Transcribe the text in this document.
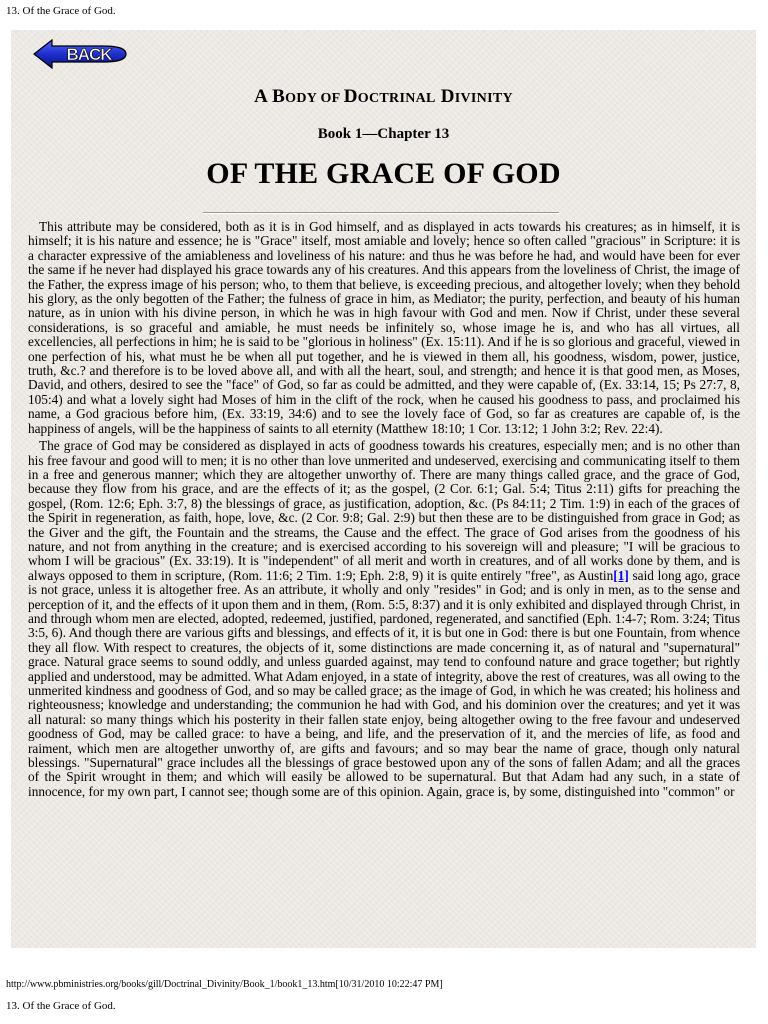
13. Of the Grace of God.
BACK
A BODY OF DOCTRINAL DIVINITY
Book 1—Chapter 13
OF THE GRACE OF GOD

This attribute may be considered, both as it is in God himself, and as displayed in acts towards his creatures; as in himself, it is himself; it is his nature and essence; he is "Grace" itself, most amiable and lovely; hence so often called "gracious" in Scripture: it is a character expressive of the amiableness and loveliness of his nature: and thus he was before he had, and would have been for ever the same if he never had displayed his grace towards any of his creatures. And this appears from the loveliness of Christ, the image of the Father, the express image of his person; who, to them that believe, is exceeding precious, and altogether lovely; when they behold his glory, as the only begotten of the Father; the fulness of grace in him, as Mediator; the purity, perfection, and beauty of his human nature, as in union with his divine person, in which he was in high favour with God and men. Now if Christ, under these several considerations, is so graceful and amiable, he must needs be infinitely so, whose image he is, and who has all virtues, all excellencies, all perfections in him; he is said to be "glorious in holiness" (Ex. 15:11). And if he is so glorious and graceful, viewed in one perfection of his, what must he be when all put together, and he is viewed in them all, his goodness, wisdom, power, justice, truth, &c.? and therefore is to be loved above all, and with all the heart, soul, and strength; and hence it is that good men, as Moses, David, and others, desired to see the "face" of God, so far as could be admitted, and they were capable of, (Ex. 33:14, 15; Ps 27:7, 8, 105:4) and what a lovely sight had Moses of him in the clift of the rock, when he caused his goodness to pass, and proclaimed his name, a God gracious before him, (Ex. 33:19, 34:6) and to see the lovely face of God, so far as creatures are capable of, is the happiness of angels, will be the happiness of saints to all eternity (Matthew 18:10; 1 Cor. 13:12; 1 John 3:2; Rev. 22:4).

The grace of God may be considered as displayed in acts of goodness towards his creatures, especially men; and is no other than his free favour and good will to men; it is no other than love unmerited and undeserved, exercising and communicating itself to them in a free and generous manner; which they are altogether unworthy of. There are many things called grace, and the grace of God, because they flow from his grace, and are the effects of it; as the gospel, (2 Cor. 6:1; Gal. 5:4; Titus 2:11) gifts for preaching the gospel, (Rom. 12:6; Eph. 3:7, 8) the blessings of grace, as justification, adoption, &c. (Ps 84:11; 2 Tim. 1:9) in each of the graces of the Spirit in regeneration, as faith, hope, love, &c. (2 Cor. 9:8; Gal. 2:9) but then these are to be distinguished from grace in God; as the Giver and the gift, the Fountain and the streams, the Cause and the effect. The grace of God arises from the goodness of his nature, and not from anything in the creature; and is exercised according to his sovereign will and pleasure; "I will be gracious to whom I will be gracious" (Ex. 33:19). It is "independent" of all merit and worth in creatures, and of all works done by them, and is always opposed to them in scripture, (Rom. 11:6; 2 Tim. 1:9; Eph. 2:8, 9) it is quite entirely "free", as Austin[1] said long ago, grace is not grace, unless it is altogether free. As an attribute, it wholly and only "resides" in God; and is only in men, as to the sense and perception of it, and the effects of it upon them and in them, (Rom. 5:5, 8:37) and it is only exhibited and displayed through Christ, in and through whom men are elected, adopted, redeemed, justified, pardoned, regenerated, and sanctified (Eph. 1:4-7; Rom. 3:24; Titus 3:5, 6). And though there are various gifts and blessings, and effects of it, it is but one in God: there is but one Fountain, from whence they all flow. With respect to creatures, the objects of it, some distinctions are made concerning it, as of natural and "supernatural" grace. Natural grace seems to sound oddly, and unless guarded against, may tend to confound nature and grace together; but rightly applied and understood, may be admitted. What Adam enjoyed, in a state of integrity, above the rest of creatures, was all owing to the unmerited kindness and goodness of God, and so may be called grace; as the image of God, in which he was created; his holiness and righteousness; knowledge and understanding; the communion he had with God, and his dominion over the creatures; and yet it was all natural: so many things which his posterity in their fallen state enjoy, being altogether owing to the free favour and undeserved goodness of God, may be called grace: to have a being, and life, and the preservation of it, and the mercies of life, as food and raiment, which men are altogether unworthy of, are gifts and favours; and so may bear the name of grace, though only natural blessings. "Supernatural" grace includes all the blessings of grace bestowed upon any of the sons of fallen Adam; and all the graces of the Spirit wrought in them; and which will easily be allowed to be supernatural. But that Adam had any such, in a state of innocence, for my own part, I cannot see; though some are of this opinion. Again, grace is, by some, distinguished into "common" or

http://www.pbministries.org/books/gill/Doctrinal_Divinity/Book_1/book1_13.htm[10/31/2010 10:22:47 PM]
13. Of the Grace of God.
